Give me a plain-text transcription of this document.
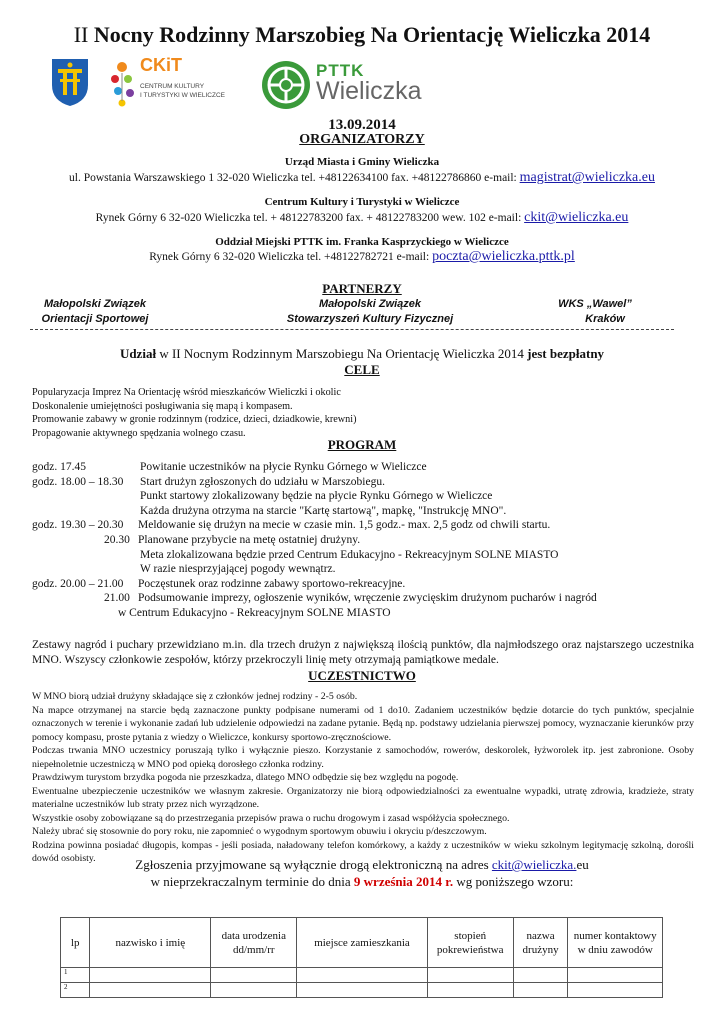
II Nocny Rodzinny Marszobieg Na Orientację Wieliczka 2014
CKiT
CENTRUM KULTURY
I TURYSTYKI W WIELICZCE
PTTK
Wieliczka
13.09.2014
ORGANIZATORZY
Urząd Miasta i Gminy Wieliczka
ul. Powstania Warszawskiego 1 32-020 Wieliczka tel. +48122634100 fax. +48122786860 e-mail: magistrat@wieliczka.eu
Centrum Kultury i Turystyki w Wieliczce
Rynek Górny 6 32-020 Wieliczka tel. + 48122783200 fax. + 48122783200 wew. 102 e-mail: ckit@wieliczka.eu
Oddział Miejski PTTK im. Franka Kasprzyckiego w Wieliczce
Rynek Górny 6 32-020 Wieliczka tel. +48122782721 e-mail: poczta@wieliczka.pttk.pl
PARTNERZY
Małopolski Związek
Orientacji Sportowej
Małopolski Związek
Stowarzyszeń Kultury Fizycznej
WKS „Wawel”
Kraków
Udział w II Nocnym Rodzinnym Marszobiegu Na Orientację Wieliczka 2014 jest bezpłatny
CELE
Popularyzacja Imprez Na Orientację wśród mieszkańców Wieliczki i okolic
Doskonalenie umiejętności posługiwania się mapą i kompasem.
Promowanie zabawy w gronie rodzinnym (rodzice, dzieci, dziadkowie, krewni)
Propagowanie aktywnego spędzania wolnego czasu.
PROGRAM
godz. 17.45	Powitanie uczestników na płycie Rynku Górnego w Wieliczce
godz. 18.00 – 18.30 Start drużyn zgłoszonych do udziału w Marszobiegu.
Punkt startowy zlokalizowany będzie na płycie Rynku Górnego w Wieliczce
Każda drużyna otrzyma na starcie "Kartę startową", mapkę, "Instrukcję MNO".
godz. 19.30 – 20.30 Meldowanie się drużyn na mecie w czasie min. 1,5 godz.- max. 2,5 godz od chwili startu.
20.30 Planowane przybycie na metę ostatniej drużyny.
Meta zlokalizowana będzie przed Centrum Edukacyjno - Rekreacyjnym SOLNE MIASTO
W razie niesprzyjającej pogody wewnątrz.
godz. 20.00 – 21.00 Poczęstunek oraz rodzinne zabawy sportowo-rekreacyjne.
21.00 Podsumowanie imprezy, ogłoszenie wyników, wręczenie zwycięskim drużynom pucharów i nagród
w Centrum Edukacyjno - Rekreacyjnym SOLNE MIASTO
Zestawy nagród i puchary przewidziano m.in. dla trzech drużyn z największą ilością punktów, dla najmłodszego oraz najstarszego uczestnika MNO. Wszyscy członkowie zespołów, którzy przekroczyli linię mety otrzymają pamiątkowe medale.
UCZESTNICTWO
W MNO biorą udział drużyny składające się z członków jednej rodziny - 2-5 osób.
Na mapce otrzymanej na starcie będą zaznaczone punkty podpisane numerami od 1 do10. Zadaniem uczestników będzie dotarcie do tych punktów, specjalnie oznaczonych w terenie i wykonanie zadań lub udzielenie odpowiedzi na zadane pytanie. Będą np. podstawy udzielania pierwszej pomocy, wyznaczanie kierunków przy pomocy kompasu, proste pytania z wiedzy o Wieliczce, konkursy sportowo-zręcznościowe.
Podczas trwania MNO uczestnicy poruszają tylko i wyłącznie pieszo. Korzystanie z samochodów, rowerów, deskorolek, łyżworolek itp. jest zabronione. Osoby niepełnoletnie uczestniczą w MNO pod opieką dorosłego członka rodziny.
Prawdziwym turystom brzydka pogoda nie przeszkadza, dlatego MNO odbędzie się bez względu na pogodę.
Ewentualne ubezpieczenie uczestników we własnym zakresie. Organizatorzy nie biorą odpowiedzialności za ewentualne wypadki, utratę zdrowia, kradzieże, straty materialne uczestników lub straty przez nich wyrządzone.
Wszystkie osoby zobowiązane są do przestrzegania przepisów prawa o ruchu drogowym i zasad współżycia społecznego.
Należy ubrać się stosownie do pory roku, nie zapomnieć o wygodnym sportowym obuwiu i okryciu p/deszczowym.
Rodzina powinna posiadać długopis, kompas - jeśli posiada, naładowany telefon komórkowy, a każdy z uczestników w wieku szkolnym legitymację szkolną, dorośli dowód osobisty.	Zgłoszenia przyjmowane są wyłącznie drogą elektroniczną na adres ckit@wieliczka.eu
w nieprzekraczalnym terminie do dnia 9 września 2014 r. wg poniższego wzoru:
lp	nazwisko i imię	data urodzenia dd/mm/rr	miejsce zamieszkania	stopień pokrewieństwa	nazwa drużyny	numer kontaktowy w dniu zawodów
1						
2						
